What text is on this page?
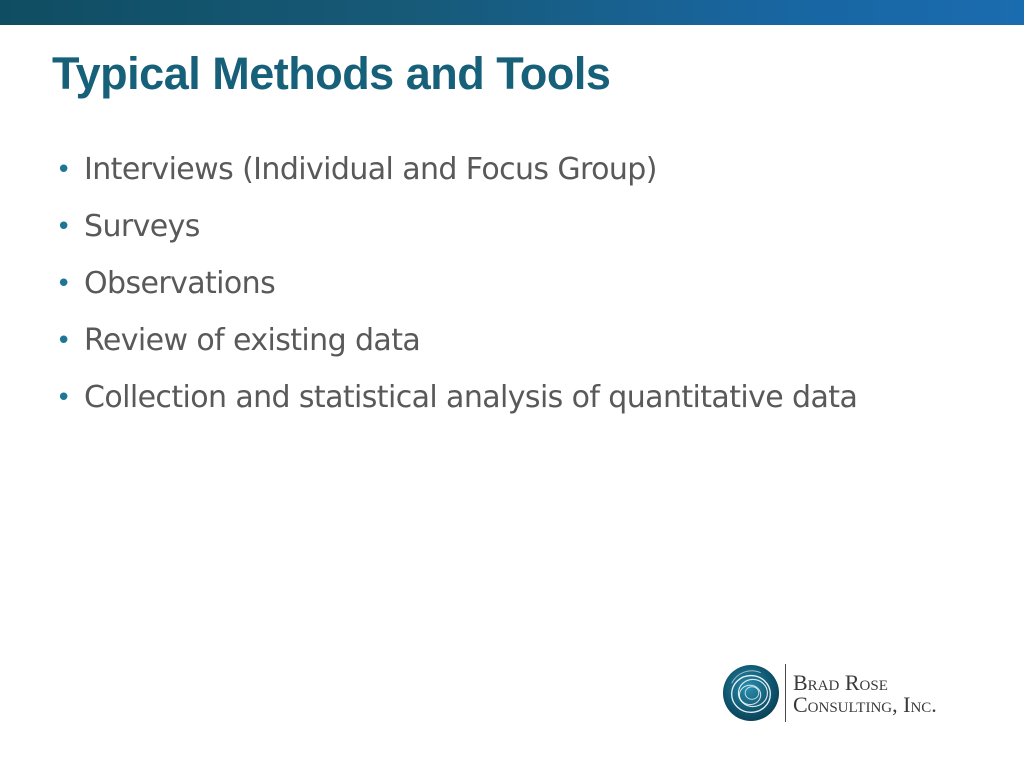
Typical Methods and Tools
• Interviews (Individual and Focus Group)
• Surveys
• Observations
• Review of existing data
• Collection and statistical analysis of quantitative data
Brad Rose
Consulting, Inc.
